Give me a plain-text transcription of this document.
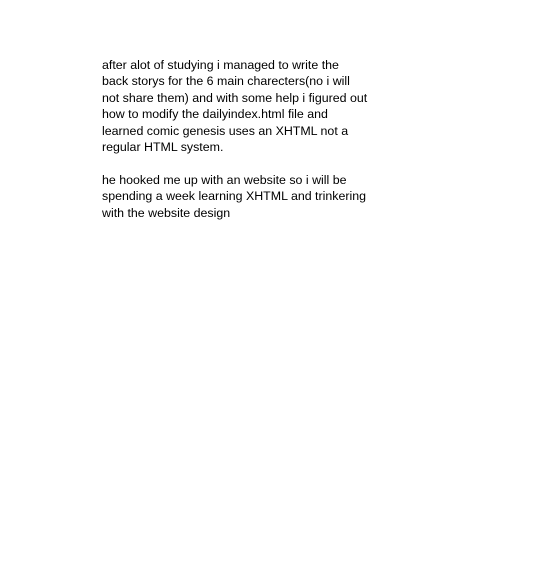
after alot of studying i managed to write the
back storys for the 6 main charecters(no i will
not share them) and with some help i figured out
how to modify the dailyindex.html file and
learned comic genesis uses an XHTML not a
regular HTML system.
he hooked me up with an website so i will be
spending a week learning XHTML and trinkering
with the website design
